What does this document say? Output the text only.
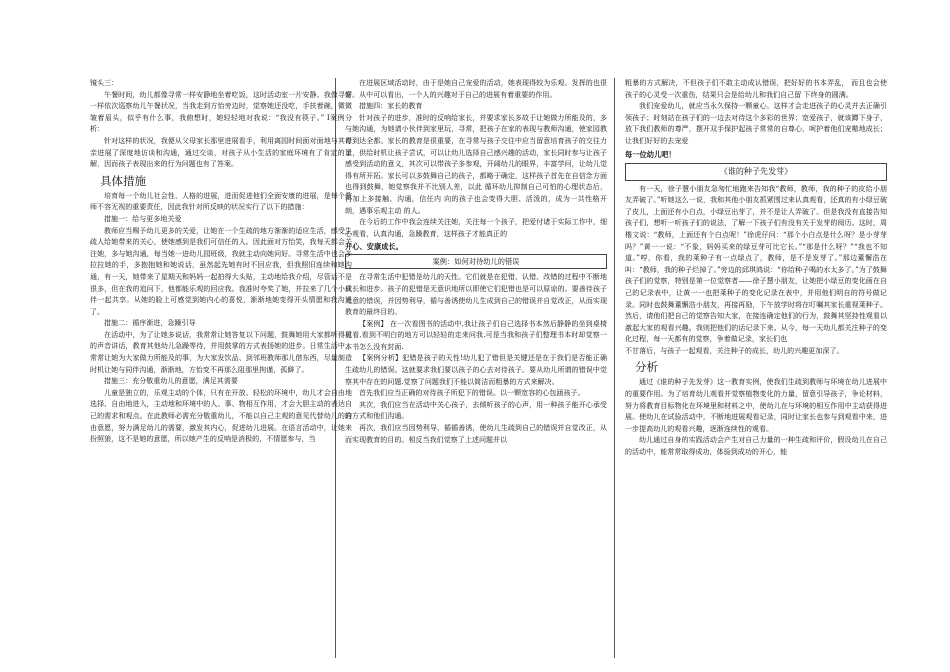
镜头三：

午餐时间，幼儿都像寻常一样安静地坐着吃饭，这时活动室一片安静。我像寻常一样依次巡察幼儿午餐状况，当我走到方怡旁边时，觉察她还没吃，手扶着碗，微微皱着眉头，似乎有什么事，我俯想时，她轻轻地对我说：“我没有筷子。” Ⅰ案例分析：

针对这样的状况，我便从父母家长那里进展看手，利用离园时间面对面地与其母亲进展了深度地访谈和沟通，通过交谈，对孩子从小生活的家庭环境有了肯定的了解，因而孩子表现出来的行为问题也有了答案。

具体措施

培育每一个幼儿社会性、人格的进展，进而促进他们全面安康的进展，是每个教师不容无视的重要责任，因此我针对所反映的状况实行了以下的措施：

措施一：给与更多地关爱

教师应当赐予幼儿更多的关爱，让她在一个生疏的地方渐渐的适应生活，感受生疏人给她带来的关心，使她感到是我们可信任的人。因此面对方怡笑，我每天都会关注她，多与她沟通，每当她一进幼儿园班级，我就主动向她问好。寻常生活中也会多拉拉她的手，多抱抱她和她说话，虽然起先她有时不回应我，但我照旧连续和她沟通，有一天，她带来了星期天和妈妈一起拍得大头贴，主动地给我介绍，尽管话不是很多，但在我的追问下，他都能乐观的回应我。我准时夸奖了她，并拉来了几个小伙伴一起共享。从她的脸上可感觉到她内心的喜悦，渐渐地她变得开头情愿和我沟通了。

措施二：循序渐进，急躁引导

在活动中，为了让她多说话，我常常让她答复以下问题，鼓舞她用大家都听得见的声音讲话，教育其他幼儿急躁等待，并用鼓掌的方式表扬她的进步。日常生活中，常常让她为大家做力所能及的事，为大家发饮品、到邻班教师那儿借东西，尽量制造时机让她与同伴沟通，渐渐地，方怡变不再那么阻那里拘谨，孤僻了。

措施三：充分敬重幼儿的意愿，满足其需要

儿童是独立的，乐观主动的个体，只有在开放、轻松的环境中，幼儿才会自由地选择、自由地进入，主动地和环境中的人、事、物相互作用，才会大胆主动的表达自己的需求和观点。在此教师必需充分敬重幼儿，不能以自己主观的意见代替幼儿的自由意愿，努力满足幼儿的需要，激发其内心，促进幼儿进展。在语言活动中，让她来扮照狼，这不是她的意愿，所以她产生的反响是消极的，不情愿参与，当

在进展区域活动时，由于是她自己宠爱的活动，她表现得较为乐观、发挥的也很好。从中可以看出，一个人的兴趣对于自己的进展有着重要的作用。

措施四：家长的教育

针对孩子的进步，准时的反响给家长，并要求家长多故于让她做力所能及的，多与她沟通，为她请小伙伴到家里玩，寻常，把孩子在家的表现与教师沟通，使家园教育到达全都。家长的教育是很重要，在寻常与孩子交往中应当留意培育孩子的交往力量，供给时机让孩子尝试，可以让幼儿选择自己感兴趣的活动，家长同时参与让孩子感受到活动的意义，其次可以带孩子多参观，开阔幼儿的眼界，丰富学问，让幼儿觉得有所开拓。家长可以多鼓舞自己的孩子，都略于确定，这样孩子首先在自信念方面也得到鼓舞，她觉察我并不比别人差，以此 循环幼儿抑制自己可怕的心理状态后，再加上多接触、沟通，信任内 向的孩子也会变得大胆、活泼的，成为一共性格开朗，遇事乐观主动 的人。

在今后的工作中我会连续关注她，关注每一个孩子，把爱付诸于实际工作中，细心观看，认真沟通，急躁教育，这样孩子才能真正的

开心、安康成长。
案例：如何对待幼儿的错误

在寻常生活中犯错是幼儿的天性。它们就是在犯错、认错、改错的过程中不断地成长和进步。孩子的犯错是无意识地所以即使它们犯错也是可以原谅的。要善待孩子无意的错误，并因势利导，循与善诱使幼儿生成到自己的错误并自觉改正，从而实现教育的最终目的。

【案例】 在一次看图书的活动中,我让孩子们自己选择书本然后静静的坐到桌椅前看,看到不明白的地方可以轻轻的走来问我.可是当我和孩子们整理书本时却觉察一本书怎么没有封面.

【案例分析】犯错是孩子的天性!幼儿犯了错但是关键还是在于我们是否能正确生疏幼儿的错误。这就要求我们要以孩子的心去对待孩子。要从幼儿所谓的错误中觉察其中存在的问题.觉察了问题我们不能以简洁而粗暴的方式来解决。

首先我们应当正确的对待孩子所犯下的错误。以一颗宽容的心包涵孩子。

其次，我们应当在活动中关心孩子，去倾听孩子的心声，用一种孩子能开心承受的方式和他们沟通。

再次，我们应当因势利导、循循善诱，使幼儿生疏到自己的错误并自觉改正，从而实现教育的目的。相反当我们觉察了上述问题并以

粗暴的方式解决，不但孩子们不敢主动成认错误，把好好的书本弄乱， 而且也会使孩子的心灵受一次重伤，结果只会是给幼儿和我们自己留 下终身的圆满。

我们宠爱幼儿，就应当永久保持一颗童心。这样才会走进孩子的心灵并去正确引领孩子；时刻站在孩子们的一边去对待这个多彩的世界；宽爱孩子，就该蹲下身子，放下我们教师的尊严，摆开双手保护起孩子常常的自尊心，呵护着他们宠嗷地成长；让我们好好的去宠爱

每一位幼儿吧！
《谁的种子先发芽》

有一天，徐子慧小朋友急匆忙地跑来告知我“教师，教师，我的种子的皮给小朋友弄破了。”听她这么一说，我和其他小朋友抓紧围过来认真观看，还真的有小绿豆破了皮儿，上面还有小白点，小绿豆出芽了，并不是让人弄破了。但是我没有直接告知孩子们，想听一听孩子们的说法，了解一下孩子们有没有关于发芽的阅历。这时，周楷文说：“教师，上面还有个白点呢！”徐虎仔问：“那个小白点是什么呀？是小芽芽吗？”黄一一说：“不象，妈妈买来的绿豆芽可比它长。”“那是什么呀？”“我也不知道。”哼，你看，我的莱种子有一点绿点了，教师，是不是发芽了。”那边董懈浩在叫：“教师，我的种子烂掉了。”旁边的邱琪鸿说：“你给种子喝的水太多了。”为了鼓舞孩子们的觉察，特别是第一位觉察者——徐子慧小朋友，让她把小绿豆的变化画在自己的记录表中，让黄一一也把莱种子的变化记录在表中，并用他们明自的符号做记录。同时也鼓舞董懈浩小朋友，再接再励，下午放学时将在叮嘱其家长重视莱种子。然后，请他们把自己的觉察告知大家，在接连确定他们的行为，鼓舞其坚持性观看以激起大家的观看兴趣。我则把他们的话记录下来。从今，每一天幼儿都关注种子的变化过程，每一天都有的觉察，争着做记录，家长们也

不甘落后，与孩子一起观看，关注种子的成长，幼儿的兴趣更加深了。

分析

通过《谁的种子先发芽》这一教育实例，使我们生疏到教师与环境在幼儿进展中的重要作用。为了培育幼儿观看并觉察植物变化的力量，留意引导孩子，争论材料，努力将教育目标物化在环境里和材料之中，使幼儿在与环境的相互作用中主动获得进展。使幼儿在试验活动中，不断地进展观看记录，同时让家长也参与到观看中来，进一步提高幼儿的观看兴趣，逐渐连续性的观看。

幼儿通过自身的实践活动会产生对自己力量的一种生疏和评价，假设幼儿在自己的活动中，能常常取得成功，体验到成功的开心，能
